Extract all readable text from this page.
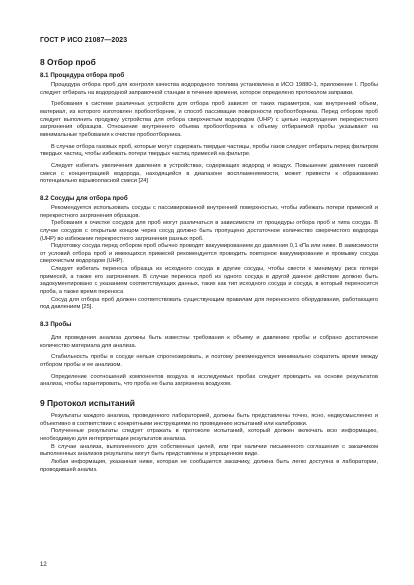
ГОСТ Р ИСО 21087—2023
8 Отбор проб
8.1 Процедура отбора проб

Процедура отбора проб для контроля качества водородного топлива установлена в ИСО 19880-1, приложение I. Пробы следует отбирать на водородной заправочной станции в течение времени, которое определено протоколом заправки.

Требования к системе различных устройств для отбора проб зависят от таких параметров, как внутренний объем, материал, из которого изготовлен пробоотборник, и способ пассивации поверхности пробоотборника. Перед отбором проб следует выполнить продувку устройства для отбора сверхчистым водородом (UHP) с целью недопущения перекрестного загрязнения образцов. Отношение внутреннего объема пробоотборника к объему отбираемой пробы указывают на минимальные требования к очистке пробоотборника.

В случае отбора газовых проб, которые могут содержать твердые частицы, пробы газов следует отбирать перед фильтром твердых частиц, чтобы избежать потери твердых частиц примесей на фильтре.

Следует избегать увеличения давления в устройствах, содержащих водород и воздух. Повышение давления газовой смеси с концентрацией водорода, находящейся в диапазоне воспламеняемости, может привести к образованию потенциально взрывоопасной смеси [24]

8.2 Сосуды для отбора проб

Рекомендуется использовать сосуды с пассивированной внутренней поверхностью, чтобы избежать потери примесей и перекрестного загрязнения образцов.

Требования к очистке сосудов для проб могут различаться в зависимости от процедуры отбора проб и типа сосуда. В случае сосудов с открытым концом через сосуд должно быть пропущено достаточное количество сверхчистого водорода (UHP) во избежание перекрестного загрязнения разных проб.

Подготовку сосуда перед отбором проб обычно проводят вакуумированием до давления 0,1 кПа или ниже. В зависимости от условий отбора проб и имеющихся примесей рекомендуется проводить повторное вакуумирование и промывку сосуда сверхчистым водородом (UHP).

Следует избегать переноса образца из исходного сосуда в другие сосуды, чтобы свести к минимуму риск потери примесей, а также его загрязнения. В случае переноса проб из одного сосуда в другой данное действие должно быть задокументировано с указанием соответствующих данных, таких как тип исходного сосуда и сосуда, в который переносится проба, а также время переноса

Сосуд для отбора проб должен соответствовать существующим правилам для переносного оборудования, работающего под давлением [25].

8.3 Пробы

Для проведения анализа должны быть известны требования к объему и давлению пробы и собрано достаточное количество материала для анализа.

Стабильность пробы в сосуде нельзя спрогнозировать, и поэтому рекомендуется минимально сократить время между отбором пробы и ее анализом.

Определение соотношений компонентов воздуха в исследуемых пробах следует проводить на основе результатов анализа, чтобы гарантировать, что проба не была загрязнена воздухом.

9 Протокол испытаний

Результаты каждого анализа, проведенного лабораторией, должны быть представлены точно, ясно, недвусмысленно и объективно в соответствии с конкретными инструкциями по проведению испытаний или калибровки.

Полученные результаты следует отражать в протоколе испытаний, который должен включать всю информацию, необходимую для интерпретации результатов анализа.

В случае анализа, выполненного для собственных целей, или при наличии письменного соглашения с заказчиком выполненных анализов результаты могут быть представлены в упрощенном виде.

Любая информация, указанная ниже, которая не сообщается заказчику, должна быть легко доступна в лаборатории, проводившей анализ.

12
